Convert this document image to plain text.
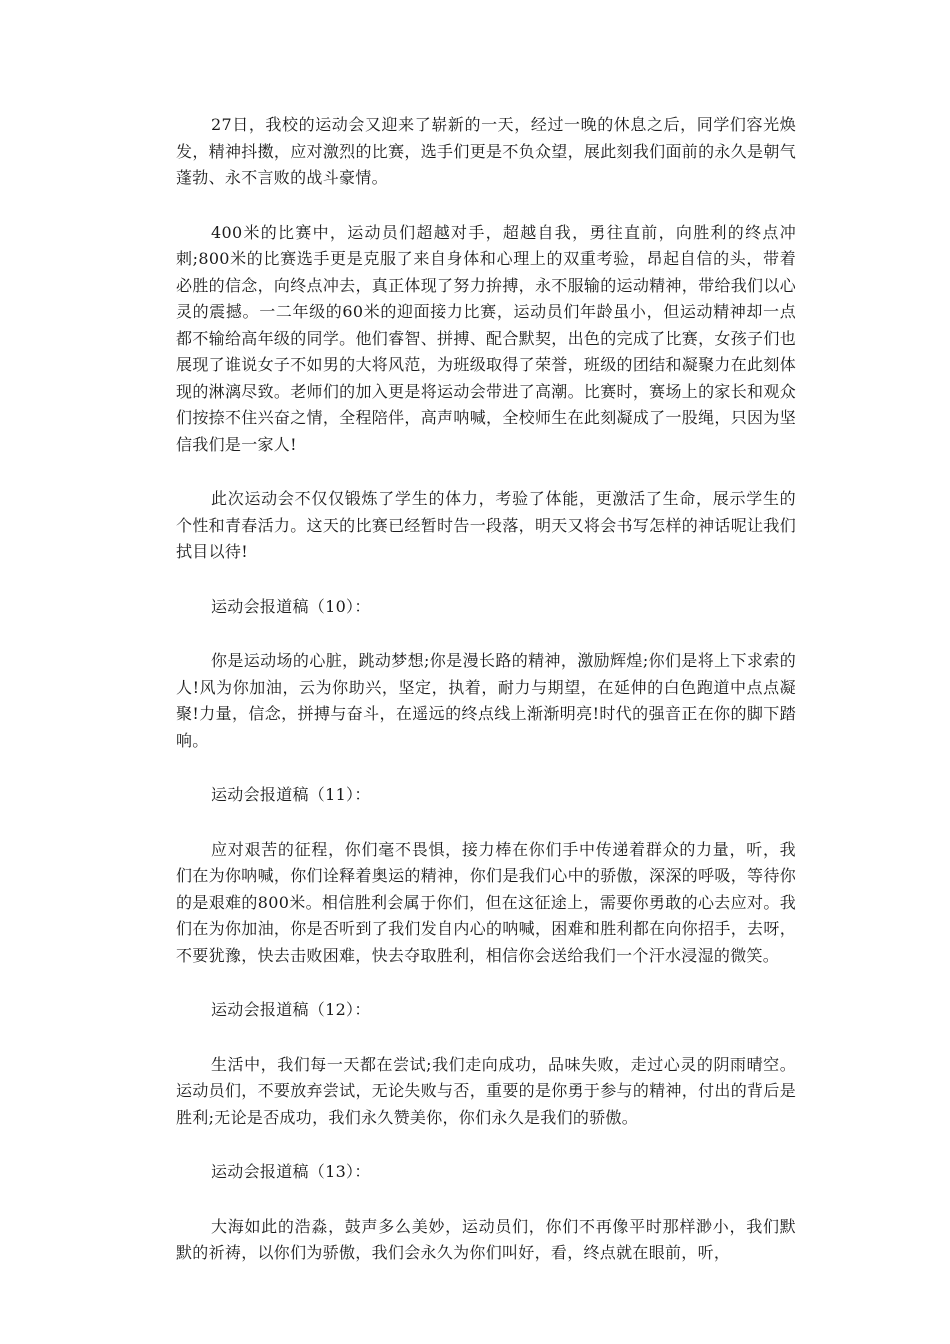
27日，我校的运动会又迎来了崭新的一天，经过一晚的休息之后，同学们容光焕发，精神抖擞，应对激烈的比赛，选手们更是不负众望，展此刻我们面前的永久是朝气蓬勃、永不言败的战斗豪情。

400米的比赛中，运动员们超越对手，超越自我，勇往直前，向胜利的终点冲刺;800米的比赛选手更是克服了来自身体和心理上的双重考验，昂起自信的头，带着必胜的信念，向终点冲去，真正体现了努力拚搏，永不服输的运动精神，带给我们以心灵的震撼。一二年级的60米的迎面接力比赛，运动员们年龄虽小，但运动精神却一点都不输给高年级的同学。他们睿智、拼搏、配合默契，出色的完成了比赛，女孩子们也展现了谁说女子不如男的大将风范，为班级取得了荣誉，班级的团结和凝聚力在此刻体现的淋漓尽致。老师们的加入更是将运动会带进了高潮。比赛时，赛场上的家长和观众们按捺不住兴奋之情，全程陪伴，高声呐喊，全校师生在此刻凝成了一股绳，只因为坚信我们是一家人!

此次运动会不仅仅锻炼了学生的体力，考验了体能，更激活了生命，展示学生的个性和青春活力。这天的比赛已经暂时告一段落，明天又将会书写怎样的神话呢让我们拭目以待!

运动会报道稿（10）：

你是运动场的心脏，跳动梦想;你是漫长路的精神，激励辉煌;你们是将上下求索的人!风为你加油，云为你助兴，坚定，执着，耐力与期望，在延伸的白色跑道中点点凝聚!力量，信念，拼搏与奋斗，在遥远的终点线上渐渐明亮!时代的强音正在你的脚下踏响。

运动会报道稿（11）：

应对艰苦的征程，你们毫不畏惧，接力棒在你们手中传递着群众的力量，听，我们在为你呐喊，你们诠释着奥运的精神，你们是我们心中的骄傲，深深的呼吸，等待你的是艰难的800米。相信胜利会属于你们，但在这征途上，需要你勇敢的心去应对。我们在为你加油，你是否听到了我们发自内心的呐喊，困难和胜利都在向你招手，去呀，不要犹豫，快去击败困难，快去夺取胜利，相信你会送给我们一个汗水浸湿的微笑。

运动会报道稿（12）：

生活中，我们每一天都在尝试;我们走向成功，品味失败，走过心灵的阴雨晴空。运动员们，不要放弃尝试，无论失败与否，重要的是你勇于参与的精神，付出的背后是胜利;无论是否成功，我们永久赞美你，你们永久是我们的骄傲。

运动会报道稿（13）：

大海如此的浩淼，鼓声多么美妙，运动员们，你们不再像平时那样渺小，我们默默的祈祷，以你们为骄傲，我们会永久为你们叫好，看，终点就在眼前，听，
